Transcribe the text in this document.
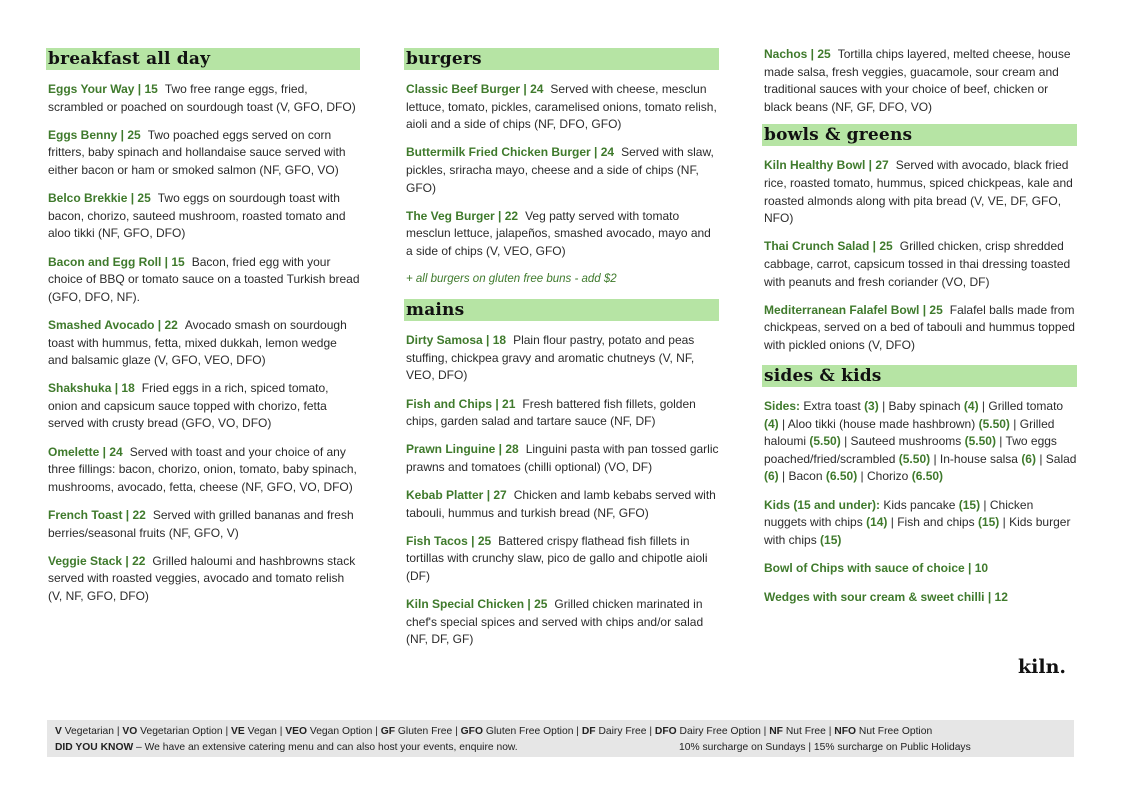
breakfast all day
Eggs Your Way | 15 Two free range eggs, fried, scrambled or poached on sourdough toast (V, GFO, DFO)
Eggs Benny | 25 Two poached eggs served on corn fritters, baby spinach and hollandaise sauce served with either bacon or ham or smoked salmon (NF, GFO, VO)
Belco Brekkie | 25 Two eggs on sourdough toast with bacon, chorizo, sauteed mushroom, roasted tomato and aloo tikki (NF, GFO, DFO)
Bacon and Egg Roll | 15 Bacon, fried egg with your choice of BBQ or tomato sauce on a toasted Turkish bread (GFO, DFO, NF).
Smashed Avocado | 22 Avocado smash on sourdough toast with hummus, fetta, mixed dukkah, lemon wedge and balsamic glaze (V, GFO, VEO, DFO)
Shakshuka | 18 Fried eggs in a rich, spiced tomato, onion and capsicum sauce topped with chorizo, fetta served with crusty bread (GFO, VO, DFO)
Omelette | 24 Served with toast and your choice of any three fillings: bacon, chorizo, onion, tomato, baby spinach, mushrooms, avocado, fetta, cheese (NF, GFO, VO, DFO)
French Toast | 22 Served with grilled bananas and fresh berries/seasonal fruits (NF, GFO, V)
Veggie Stack | 22 Grilled haloumi and hashbrowns stack served with roasted veggies, avocado and tomato relish (V, NF, GFO, DFO)
burgers
Classic Beef Burger | 24 Served with cheese, mesclun lettuce, tomato, pickles, caramelised onions, tomato relish, aioli and a side of chips (NF, DFO, GFO)
Buttermilk Fried Chicken Burger | 24 Served with slaw, pickles, sriracha mayo, cheese and a side of chips (NF, GFO)
The Veg Burger | 22 Veg patty served with tomato mesclun lettuce, jalapeños, smashed avocado, mayo and a side of chips (V, VEO, GFO)
+ all burgers on gluten free buns - add $2
mains
Dirty Samosa | 18 Plain flour pastry, potato and peas stuffing, chickpea gravy and aromatic chutneys (V, NF, VEO, DFO)
Fish and Chips | 21 Fresh battered fish fillets, golden chips, garden salad and tartare sauce (NF, DF)
Prawn Linguine | 28 Linguini pasta with pan tossed garlic prawns and tomatoes (chilli optional) (VO, DF)
Kebab Platter | 27 Chicken and lamb kebabs served with tabouli, hummus and turkish bread (NF, GFO)
Fish Tacos | 25 Battered crispy flathead fish fillets in tortillas with crunchy slaw, pico de gallo and chipotle aioli (DF)
Kiln Special Chicken | 25 Grilled chicken marinated in chef's special spices and served with chips and/or salad (NF, DF, GF)
Nachos | 25 Tortilla chips layered, melted cheese, house made salsa, fresh veggies, guacamole, sour cream and traditional sauces with your choice of beef, chicken or black beans (NF, GF, DFO, VO)
bowls & greens
Kiln Healthy Bowl | 27 Served with avocado, black fried rice, roasted tomato, hummus, spiced chickpeas, kale and roasted almonds along with pita bread (V, VE, DF, GFO, NFO)
Thai Crunch Salad | 25 Grilled chicken, crisp shredded cabbage, carrot, capsicum tossed in thai dressing toasted with peanuts and fresh coriander (VO, DF)
Mediterranean Falafel Bowl | 25 Falafel balls made from chickpeas, served on a bed of tabouli and hummus topped with pickled onions (V, DFO)
sides & kids
Sides: Extra toast (3) | Baby spinach (4) | Grilled tomato (4) | Aloo tikki (house made hashbrown) (5.50) | Grilled haloumi (5.50) | Sauteed mushrooms (5.50) | Two eggs poached/fried/scrambled (5.50) | In-house salsa (6) | Salad (6) | Bacon (6.50) | Chorizo (6.50)
Kids (15 and under): Kids pancake (15) | Chicken nuggets with chips (14) | Fish and chips (15) | Kids burger with chips (15)
Bowl of Chips with sauce of choice | 10
Wedges with sour cream & sweet chilli | 12
kiln.
V Vegetarian | VO Vegetarian Option | VE Vegan | VEO Vegan Option | GF Gluten Free | GFO Gluten Free Option | DF Dairy Free | DFO Dairy Free Option | NF Nut Free | NFO Nut Free Option
DID YOU KNOW – We have an extensive catering menu and can also host your events, enquire now.	10% surcharge on Sundays | 15% surcharge on Public Holidays
